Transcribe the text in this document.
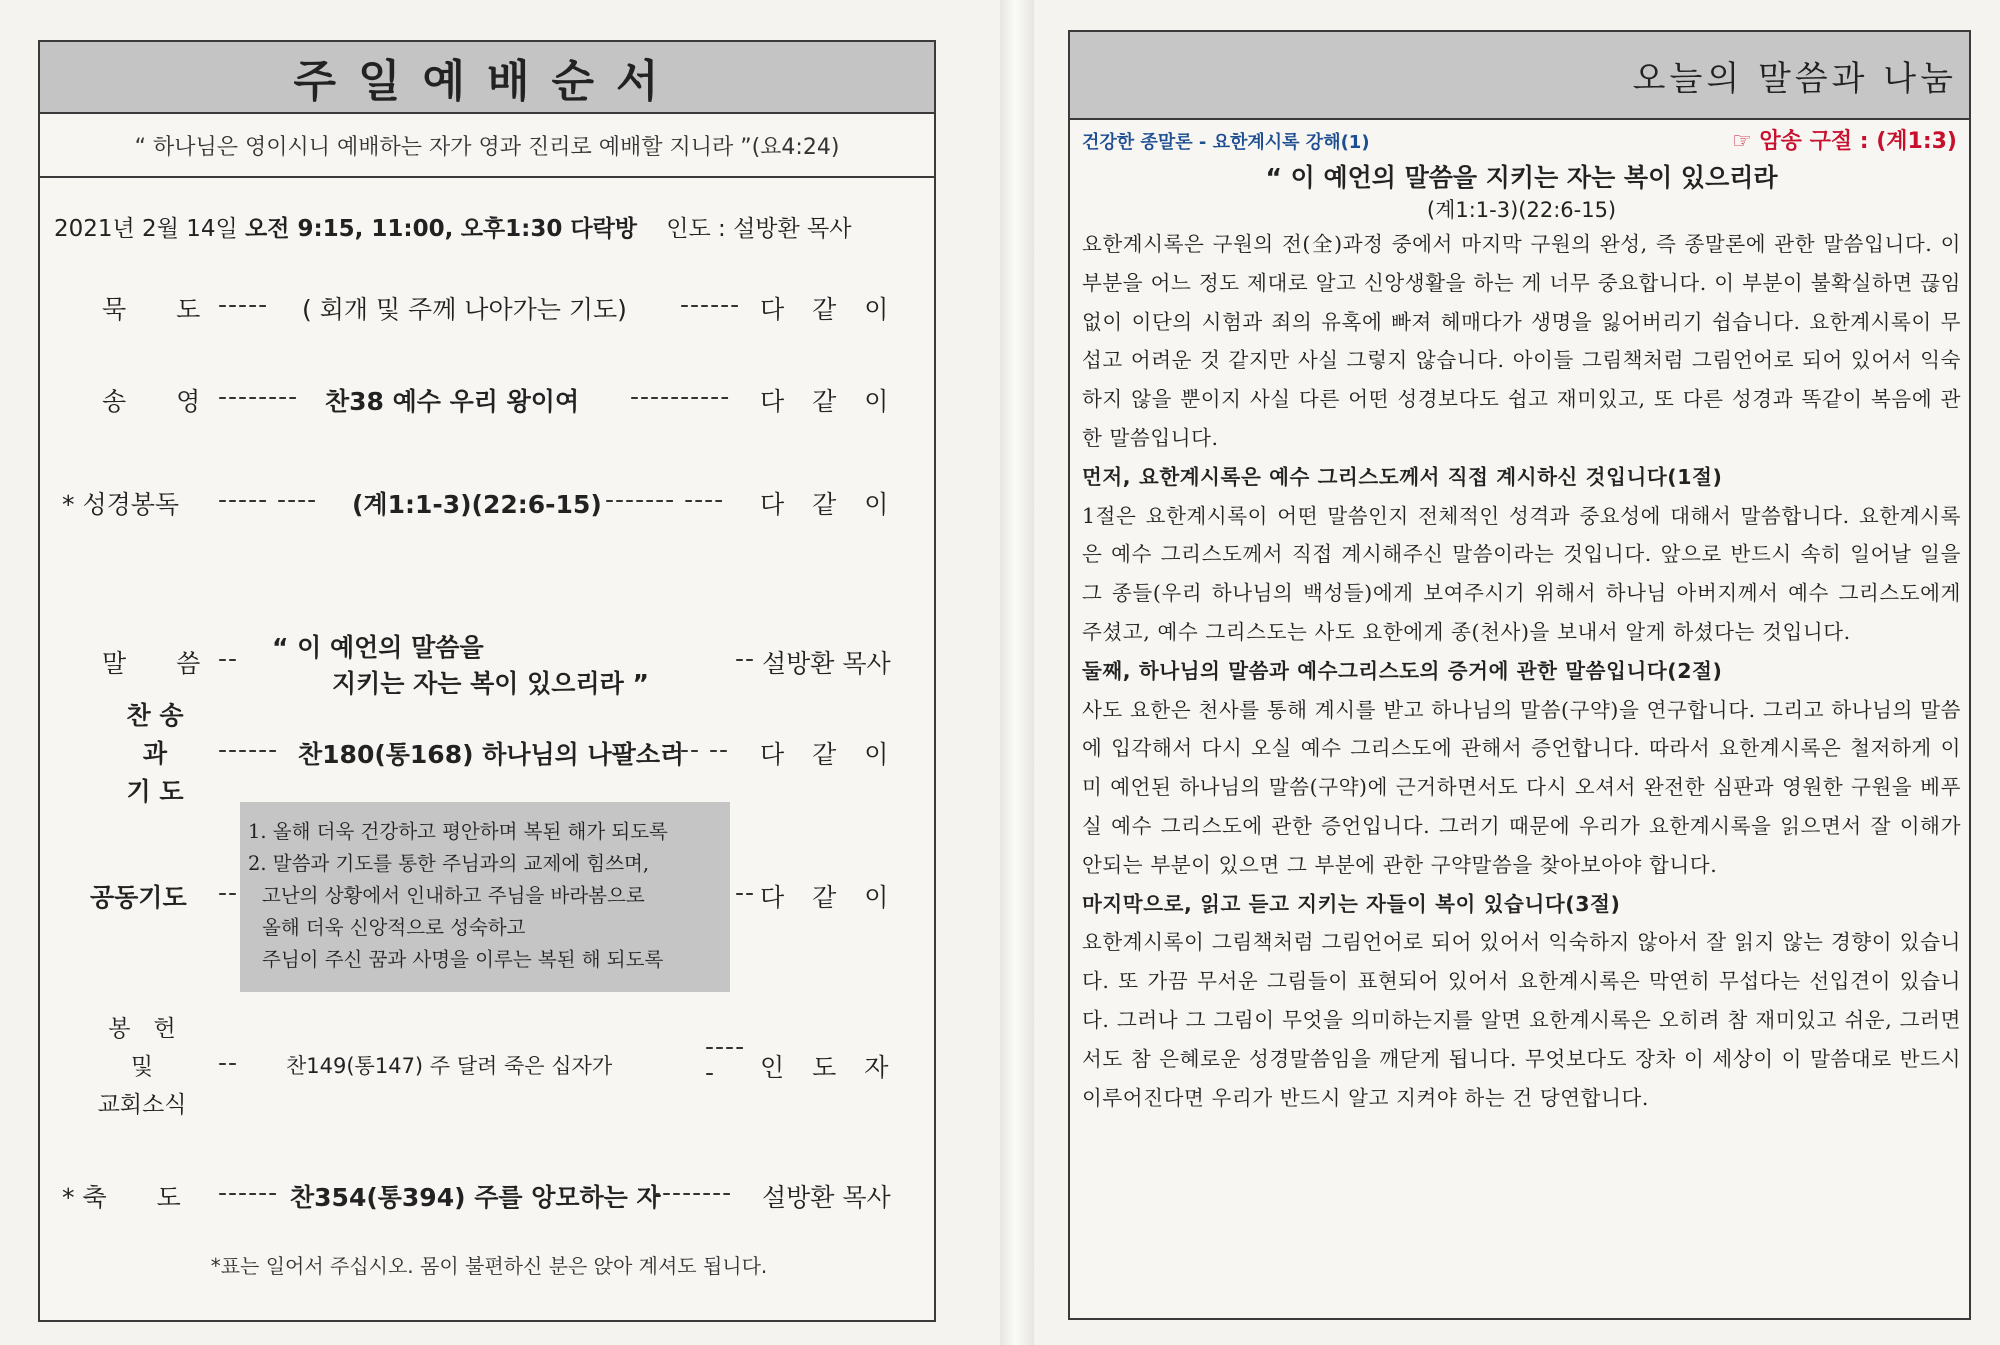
주일예배순서
“ 하나님은 영이시니 예배하는 자가 영과 진리로 예배할 지니라 ”(요4:24)
2021년 2월 14일 오전 9:15, 11:00, 오후1:30 다락방 인도 : 설방환 목사
묵　　도 ----- ( 회개 및 주께 나아가는 기도) ------ 다 같 이
송　　영 -------- 찬38 예수 우리 왕이여 ---------- 다 같 이
* 성경봉독 ----- ---- (계1:1-3)(22:6-15) ------- ---- 다 같 이
말　　씀 -- “ 이 예언의 말씀을
지키는 자는 복이 있으리라 ”
-- 설방환 목사
찬 송
과
기 도
------ 찬180(통168) 하나님의 나팔소리
--- -- 다 같 이
공동기도 --	-- 다 같 이
1. 올해 더욱 건강하고 평안하며 복된 해가 되도록
2. 말씀과 기도를 통한 주님과의 교제에 힘쓰며,
고난의 상황에서 인내하고 주님을 바라봄으로
올해 더욱 신앙적으로 성숙하고
주님이 주신 꿈과 사명을 이루는 복된 해 되도록
봉　헌
및
교회소식
-- 찬149(통147) 주 달려 죽은 십자가
----
- 인 도 자
* 축　　도 ------ 찬354(통394) 주를 앙모하는 자
-------- 설방환 목사
*표는 일어서 주십시오. 몸이 불편하신 분은 앉아 계셔도 됩니다.
오늘의 말씀과 나눔
건강한 종말론 - 요한계시록 강해(1)	☞ 암송 구절 : (계1:3)
“ 이 예언의 말씀을 지키는 자는 복이 있으리라
(계1:1-3)(22:6-15)

요한계시록은 구원의 전(全)과정 중에서 마지막 구원의 완성, 즉 종말론에 관한 말씀입니다. 이 부분을 어느 정도 제대로 알고 신앙생활을 하는 게 너무 중요합니다. 이 부분이 불확실하면 끊임없이 이단의 시험과 죄의 유혹에 빠져 헤매다가 생명을 잃어버리기 쉽습니다. 요한계시록이 무섭고 어려운 것 같지만 사실 그렇지 않습니다. 아이들 그림책처럼 그림언어로 되어 있어서 익숙하지 않을 뿐이지 사실 다른 어떤 성경보다도 쉽고 재미있고, 또 다른 성경과 똑같이 복음에 관한 말씀입니다.

먼저, 요한계시록은 예수 그리스도께서 직접 계시하신 것입니다(1절)

1절은 요한계시록이 어떤 말씀인지 전체적인 성격과 중요성에 대해서 말씀합니다. 요한계시록은 예수 그리스도께서 직접 계시해주신 말씀이라는 것입니다. 앞으로 반드시 속히 일어날 일을 그 종들(우리 하나님의 백성들)에게 보여주시기 위해서 하나님 아버지께서 예수 그리스도에게 주셨고, 예수 그리스도는 사도 요한에게 종(천사)을 보내서 알게 하셨다는 것입니다.

둘째, 하나님의 말씀과 예수그리스도의 증거에 관한 말씀입니다(2절)

사도 요한은 천사를 통해 계시를 받고 하나님의 말씀(구약)을 연구합니다. 그리고 하나님의 말씀에 입각해서 다시 오실 예수 그리스도에 관해서 증언합니다. 따라서 요한계시록은 철저하게 이미 예언된 하나님의 말씀(구약)에 근거하면서도 다시 오셔서 완전한 심판과 영원한 구원을 베푸실 예수 그리스도에 관한 증언입니다. 그러기 때문에 우리가 요한계시록을 읽으면서 잘 이해가 안되는 부분이 있으면 그 부분에 관한 구약말씀을 찾아보아야 합니다.

마지막으로, 읽고 듣고 지키는 자들이 복이 있습니다(3절)

요한계시록이 그림책처럼 그림언어로 되어 있어서 익숙하지 않아서 잘 읽지 않는 경향이 있습니다. 또 가끔 무서운 그림들이 표현되어 있어서 요한계시록은 막연히 무섭다는 선입견이 있습니다. 그러나 그 그림이 무엇을 의미하는지를 알면 요한계시록은 오히려 참 재미있고 쉬운, 그러면서도 참 은혜로운 성경말씀임을 깨닫게 됩니다. 무엇보다도 장차 이 세상이 이 말씀대로 반드시 이루어진다면 우리가 반드시 알고 지켜야 하는 건 당연합니다.
